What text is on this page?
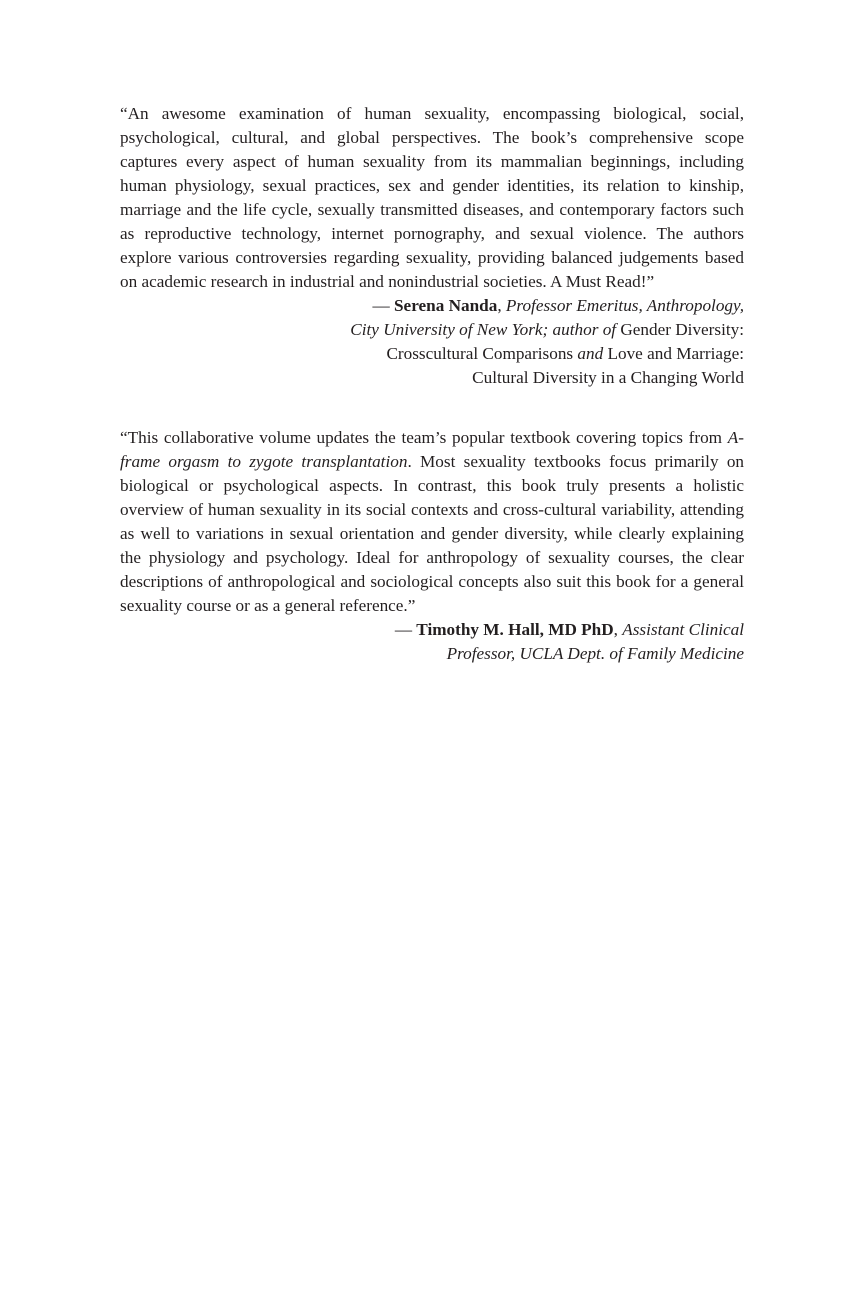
“An awesome examination of human sexuality, encompassing biological, social, psychological, cultural, and global perspectives. The book’s comprehensive scope captures every aspect of human sexuality from its mammalian beginnings, including human physiology, sexual practices, sex and gender identities, its relation to kinship, marriage and the life cycle, sexually transmitted diseases, and contemporary factors such as reproductive technology, internet pornography, and sexual violence. The authors explore various controversies regarding sexuality, providing balanced judgements based on academic research in industrial and nonindustrial societies. A Must Read!”

— Serena Nanda, Professor Emeritus, Anthropology,
City University of New York; author of Gender Diversity:
Crosscultural Comparisons and Love and Marriage:
Cultural Diversity in a Changing World

“This collaborative volume updates the team’s popular textbook covering topics from A-frame orgasm to zygote transplantation. Most sexuality textbooks focus primarily on biological or psychological aspects. In contrast, this book truly presents a holistic overview of human sexuality in its social contexts and cross-cultural variability, attending as well to variations in sexual orientation and gender diversity, while clearly explaining the physiology and psychology. Ideal for anthropology of sexuality courses, the clear descriptions of anthropological and sociological concepts also suit this book for a general sexuality course or as a general reference.”

— Timothy M. Hall, MD PhD, Assistant Clinical
Professor, UCLA Dept. of Family Medicine
